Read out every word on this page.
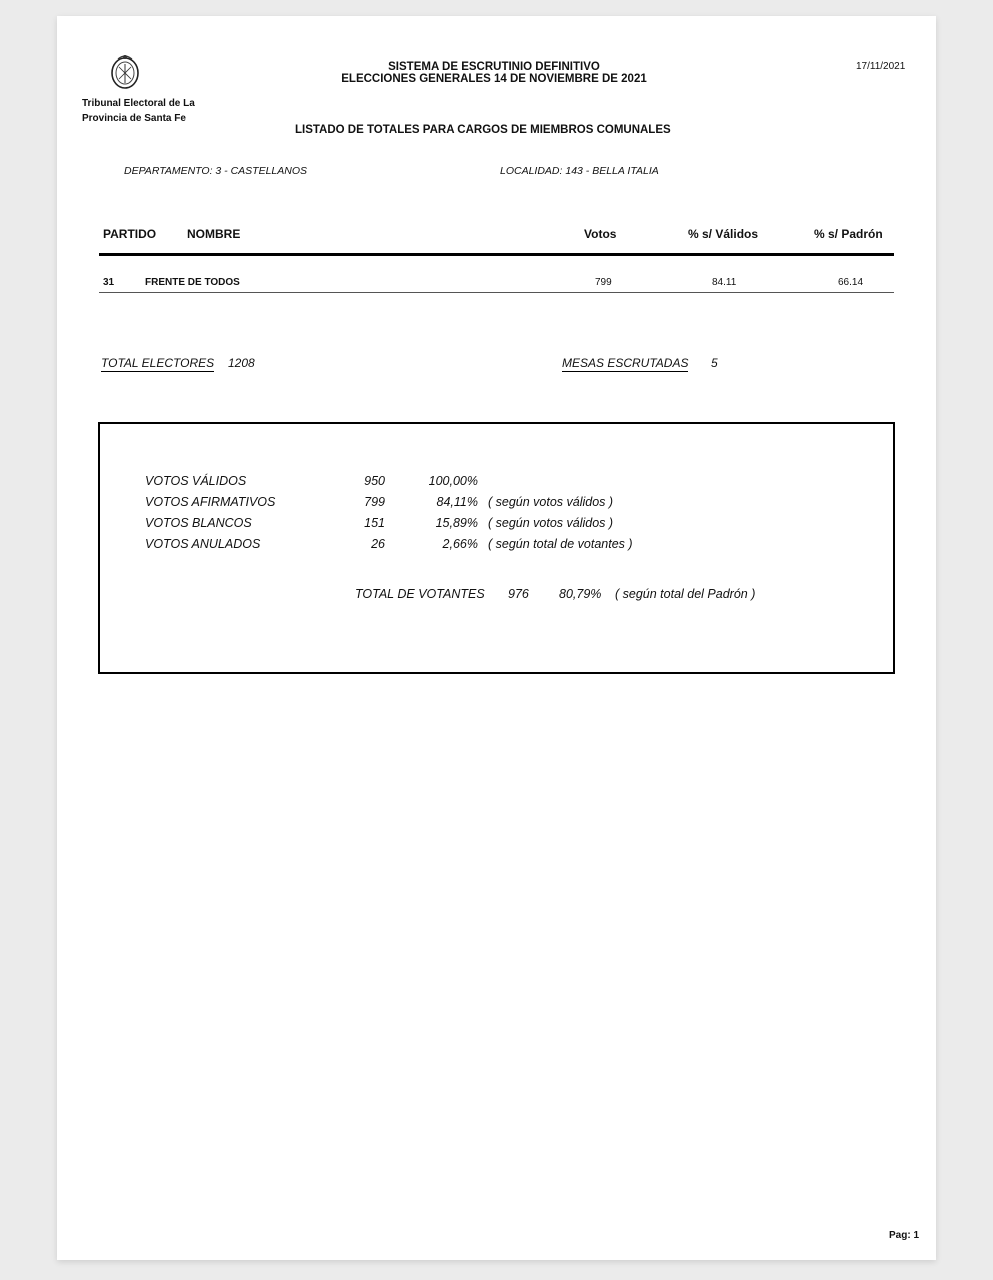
Tribunal Electoral de La
Provincia de Santa Fe
SISTEMA DE ESCRUTINIO DEFINITIVO
ELECCIONES GENERALES 14 DE NOVIEMBRE DE 2021
17/11/2021
LISTADO DE TOTALES PARA CARGOS DE MIEMBROS COMUNALES
DEPARTAMENTO: 3 - CASTELLANOS	LOCALIDAD: 143 - BELLA ITALIA
PARTIDO	NOMBRE	Votos	% s/ Válidos	% s/ Padrón
31	FRENTE DE TODOS	799	84.11	66.14
TOTAL ELECTORES 1208	MESAS ESCRUTADAS 5
VOTOS VÁLIDOS	950	100,00%
VOTOS AFIRMATIVOS	799	84,11% ( según votos válidos )
VOTOS BLANCOS	151	15,89% ( según votos válidos )
VOTOS ANULADOS	26	2,66% ( según total de votantes )
TOTAL DE VOTANTES 976 80,79% ( según total del Padrón )
Pag: 1
